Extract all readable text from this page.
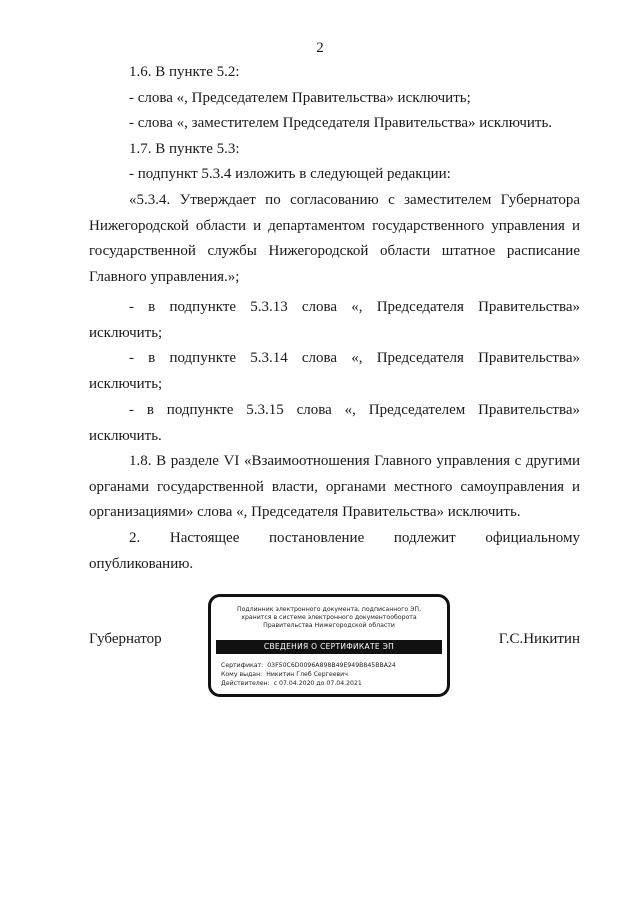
2
1.6. В пункте 5.2:
- слова «, Председателем Правительства» исключить;
- слова «, заместителем Председателя Правительства» исключить.
1.7. В пункте 5.3:
- подпункт 5.3.4 изложить в следующей редакции:
«5.3.4. Утверждает по согласованию с заместителем Губернатора
Нижегородской области и департаментом государственного управления и
государственной службы Нижегородской области штатное расписание
Главного управления.»;
- в подпункте 5.3.13 слова «, Председателя Правительства»
исключить;
- в подпункте 5.3.14 слова «, Председателя Правительства»
исключить;
- в подпункте 5.3.15 слова «, Председателем Правительства»
исключить.
1.8. В разделе VI «Взаимоотношения Главного управления с другими
органами государственной власти, органами местного самоуправления и
организациями» слова «, Председателя Правительства» исключить.
2. Настоящее постановление подлежит официальному
опубликованию.
Губернатор	Г.С.Никитин
Подлинник электронного документа, подписанного ЭП,
хранится в системе электронного документооборота
Правительства Нижегородской области
СВЕДЕНИЯ О СЕРТИФИКАТЕ ЭП
Сертификат: 03F50C6D0096A898B49E949B845BBA24
Кому выдан: Никитин Глеб Сергеевич
Действителен: с 07.04.2020 до 07.04.2021
